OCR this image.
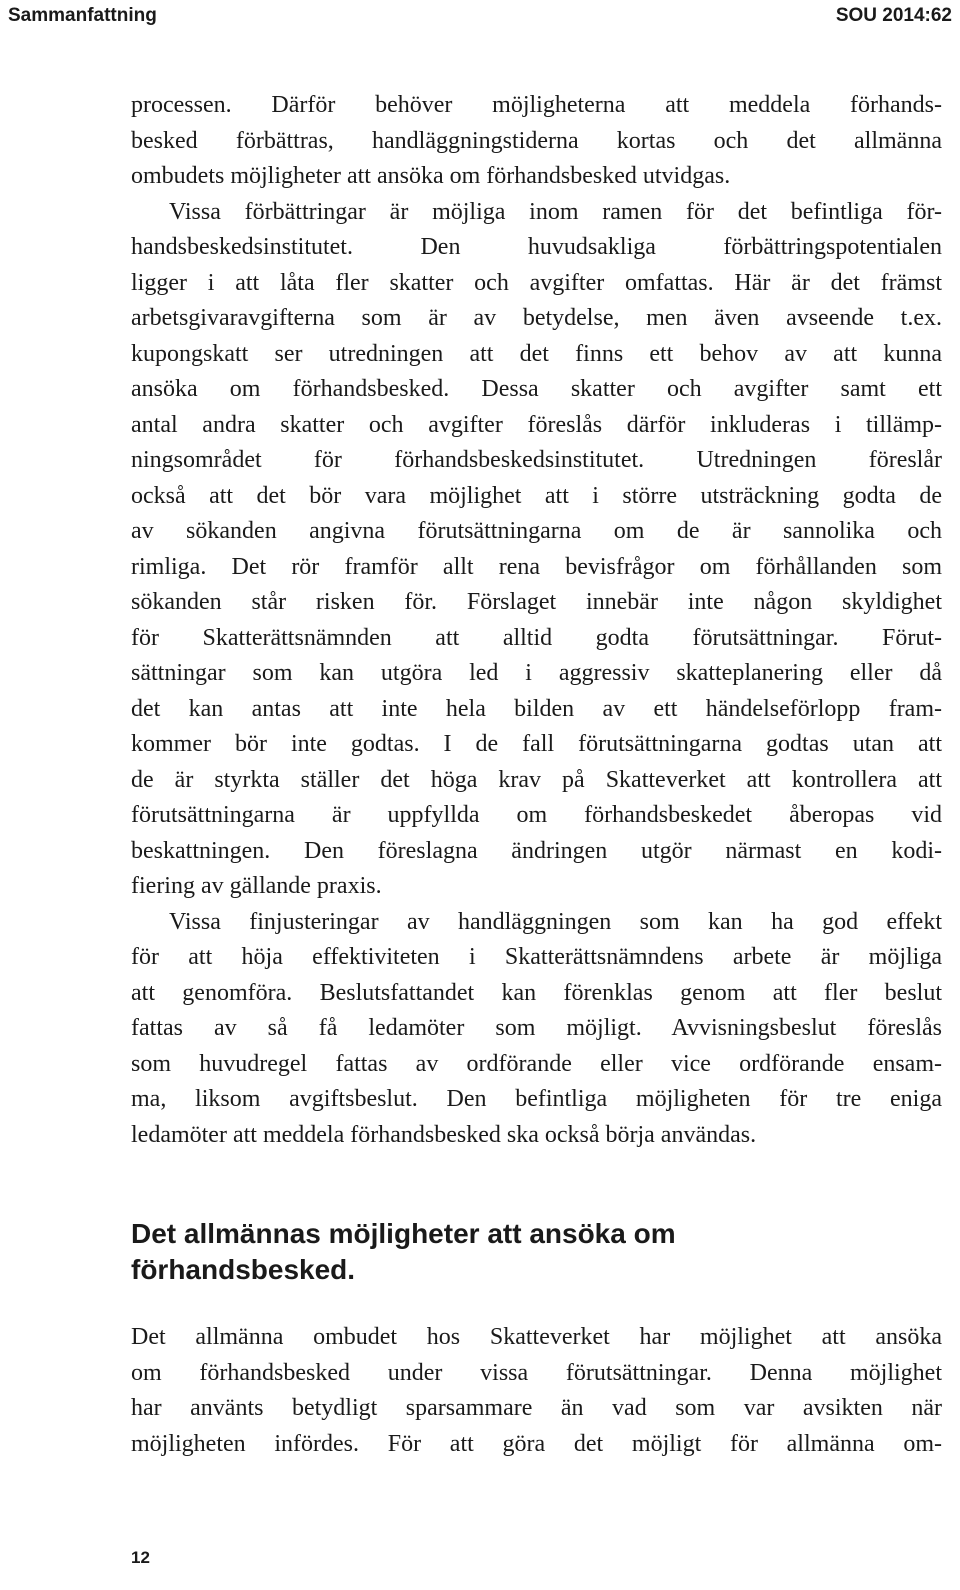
Sammanfattning	SOU 2014:62
processen. Därför behöver möjligheterna att meddela förhands-
besked förbättras, handläggningstiderna kortas och det allmänna
ombudets möjligheter att ansöka om förhandsbesked utvidgas.
Vissa förbättringar är möjliga inom ramen för det befintliga för-
handsbeskedsinstitutet. Den huvudsakliga förbättringspotentialen
ligger i att låta fler skatter och avgifter omfattas. Här är det främst
arbetsgivaravgifterna som är av betydelse, men även avseende t.ex.
kupongskatt ser utredningen att det finns ett behov av att kunna
ansöka om förhandsbesked. Dessa skatter och avgifter samt ett
antal andra skatter och avgifter föreslås därför inkluderas i tillämp-
ningsområdet för förhandsbeskedsinstitutet. Utredningen föreslår
också att det bör vara möjlighet att i större utsträckning godta de
av sökanden angivna förutsättningarna om de är sannolika och
rimliga. Det rör framför allt rena bevisfrågor om förhållanden som
sökanden står risken för. Förslaget innebär inte någon skyldighet
för Skatterättsnämnden att alltid godta förutsättningar. Förut-
sättningar som kan utgöra led i aggressiv skatteplanering eller då
det kan antas att inte hela bilden av ett händelseförlopp fram-
kommer bör inte godtas. I de fall förutsättningarna godtas utan att
de är styrkta ställer det höga krav på Skatteverket att kontrollera att
förutsättningarna är uppfyllda om förhandsbeskedet åberopas vid
beskattningen. Den föreslagna ändringen utgör närmast en kodi-
fiering av gällande praxis.
Vissa finjusteringar av handläggningen som kan ha god effekt
för att höja effektiviteten i Skatterättsnämndens arbete är möjliga
att genomföra. Beslutsfattandet kan förenklas genom att fler beslut
fattas av så få ledamöter som möjligt. Avvisningsbeslut föreslås
som huvudregel fattas av ordförande eller vice ordförande ensam-
ma, liksom avgiftsbeslut. Den befintliga möjligheten för tre eniga
ledamöter att meddela förhandsbesked ska också börja användas.
Det allmännas möjligheter att ansöka om
förhandsbesked.
Det allmänna ombudet hos Skatteverket har möjlighet att ansöka
om förhandsbesked under vissa förutsättningar. Denna möjlighet
har använts betydligt sparsammare än vad som var avsikten när
möjligheten infördes. För att göra det möjligt för allmänna om-
12
